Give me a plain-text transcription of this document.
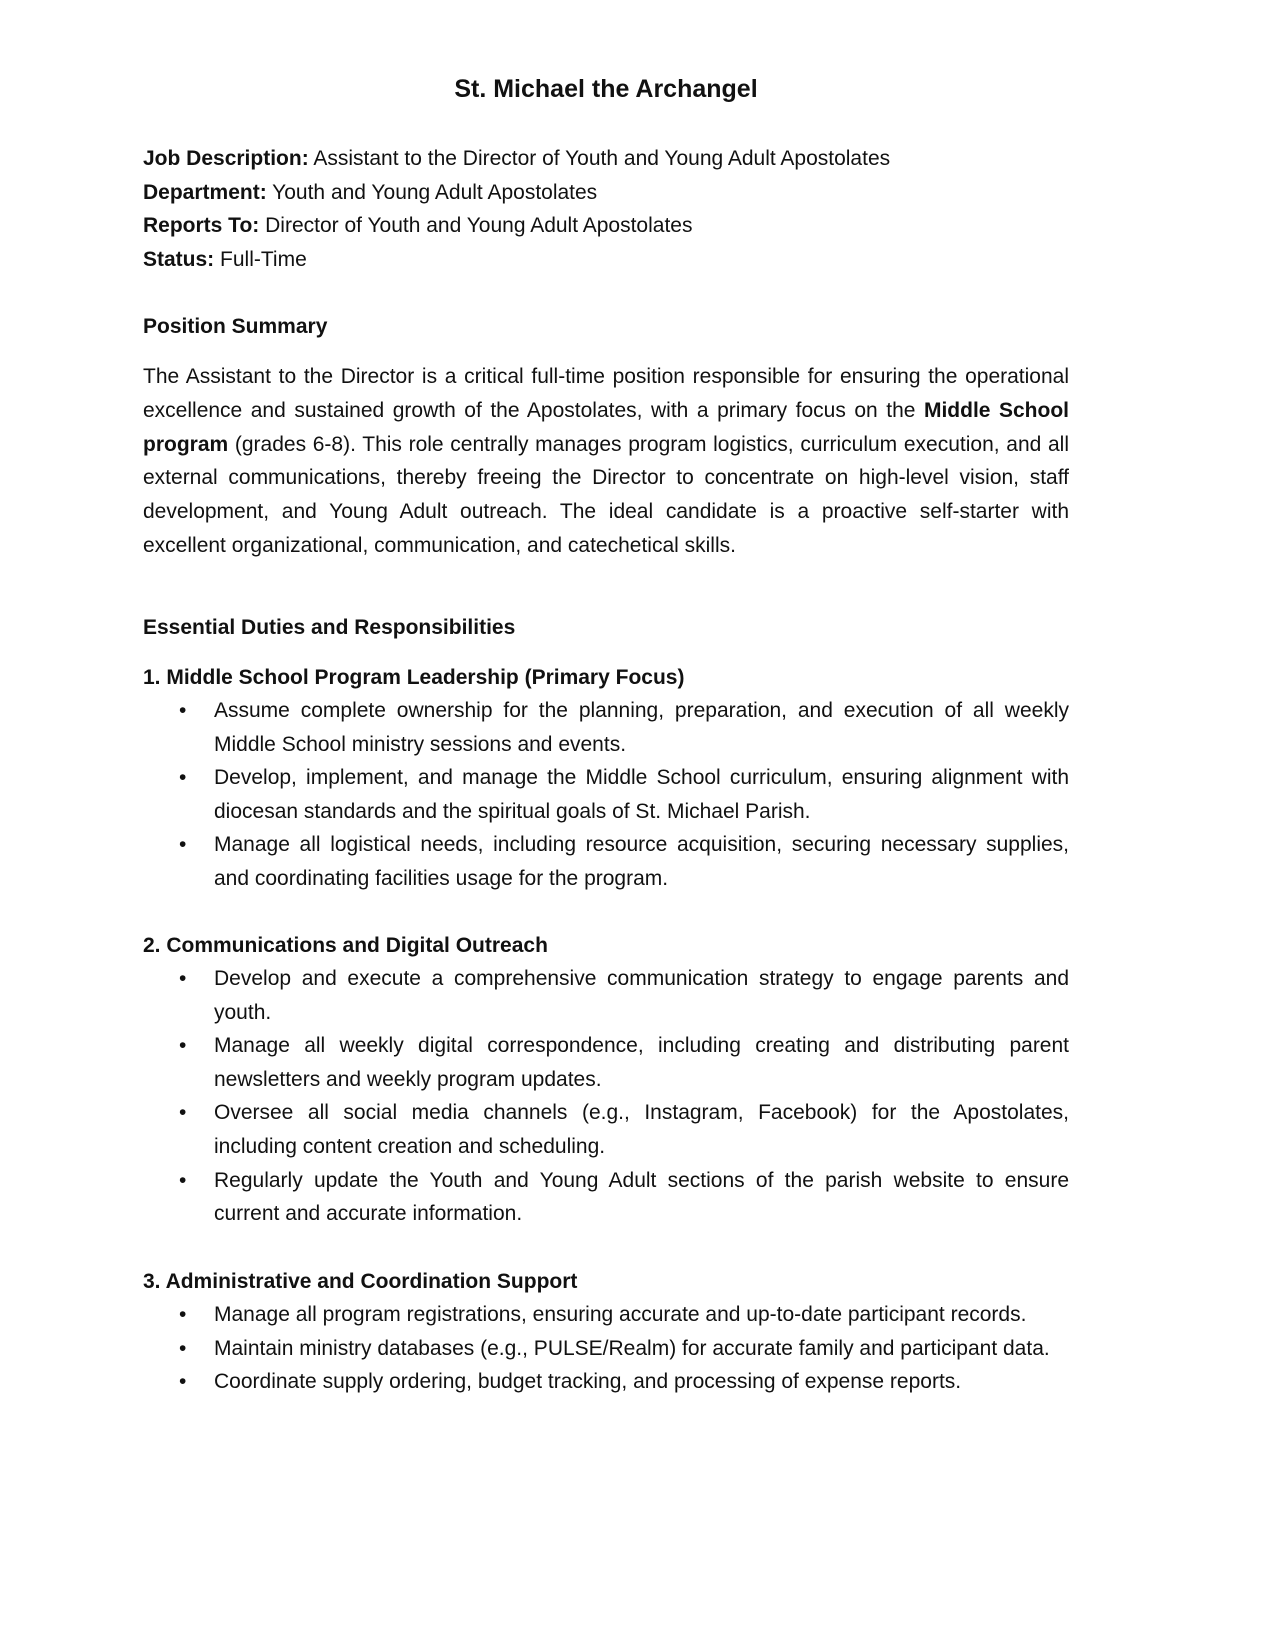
St. Michael the Archangel
Job Description: Assistant to the Director of Youth and Young Adult Apostolates
Department: Youth and Young Adult Apostolates
Reports To: Director of Youth and Young Adult Apostolates
Status: Full-Time
Position Summary
The Assistant to the Director is a critical full-time position responsible for ensuring the operational excellence and sustained growth of the Apostolates, with a primary focus on the Middle School program (grades 6-8). This role centrally manages program logistics, curriculum execution, and all external communications, thereby freeing the Director to concentrate on high-level vision, staff development, and Young Adult outreach. The ideal candidate is a proactive self-starter with excellent organizational, communication, and catechetical skills.
Essential Duties and Responsibilities
1. Middle School Program Leadership (Primary Focus)
• Assume complete ownership for the planning, preparation, and execution of all weekly Middle School ministry sessions and events.
• Develop, implement, and manage the Middle School curriculum, ensuring alignment with diocesan standards and the spiritual goals of St. Michael Parish.
• Manage all logistical needs, including resource acquisition, securing necessary supplies, and coordinating facilities usage for the program.
2. Communications and Digital Outreach
• Develop and execute a comprehensive communication strategy to engage parents and youth.
• Manage all weekly digital correspondence, including creating and distributing parent newsletters and weekly program updates.
• Oversee all social media channels (e.g., Instagram, Facebook) for the Apostolates, including content creation and scheduling.
• Regularly update the Youth and Young Adult sections of the parish website to ensure current and accurate information.
3. Administrative and Coordination Support
• Manage all program registrations, ensuring accurate and up-to-date participant records.
• Maintain ministry databases (e.g., PULSE/Realm) for accurate family and participant data.
• Coordinate supply ordering, budget tracking, and processing of expense reports.
